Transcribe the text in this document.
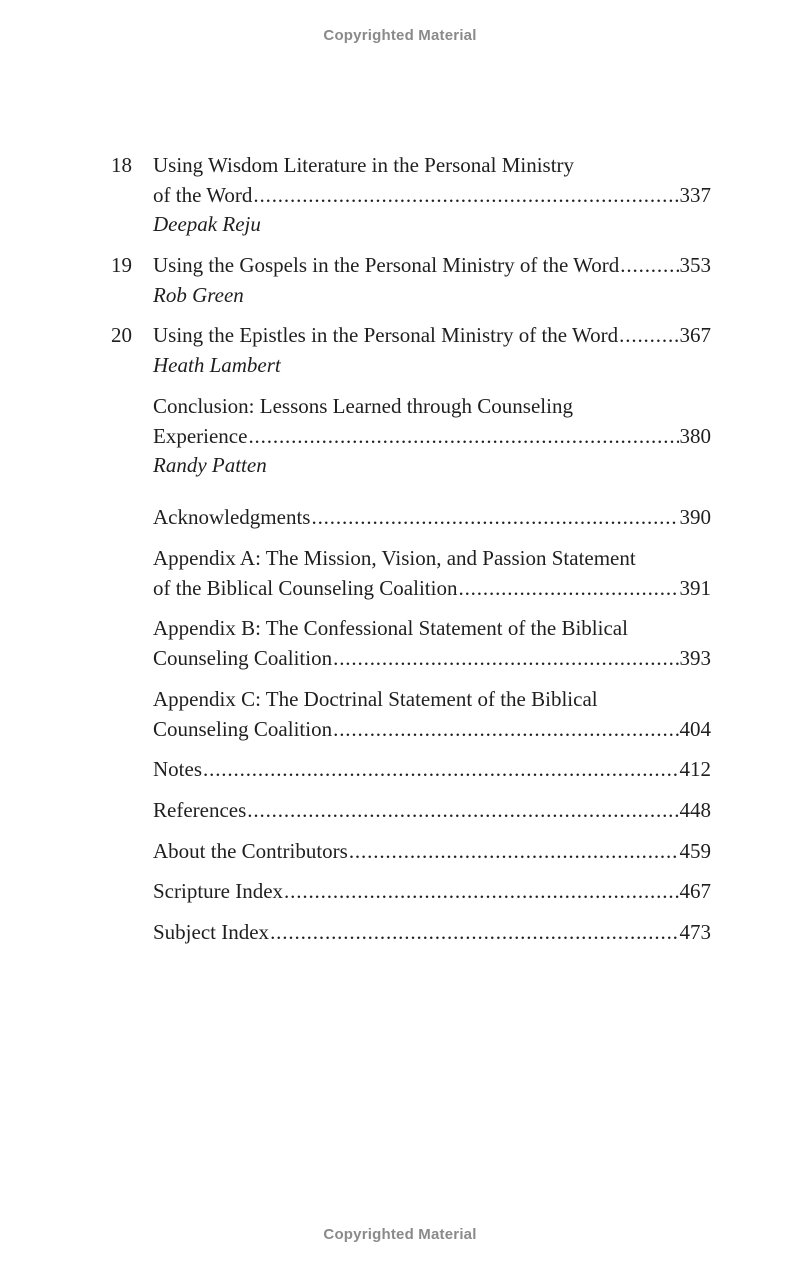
Copyrighted Material
18	Using Wisdom Literature in the Personal Ministry
of the Word . . .	337
Deepak Reju
19	Using the Gospels in the Personal Ministry of the Word . . .	353
Rob Green
20	Using the Epistles in the Personal Ministry of the Word . . .	367
Heath Lambert
Conclusion: Lessons Learned through Counseling
Experience . . .	380
Randy Patten
Acknowledgments . . .	390
Appendix A: The Mission, Vision, and Passion Statement
of the Biblical Counseling Coalition . . .	391
Appendix B: The Confessional Statement of the Biblical
Counseling Coalition . . .	393
Appendix C: The Doctrinal Statement of the Biblical
Counseling Coalition . . .	404
Notes . . .	412
References . . .	448
About the Contributors . . .	459
Scripture Index . . .	467
Subject Index . . .	473
Copyrighted Material
